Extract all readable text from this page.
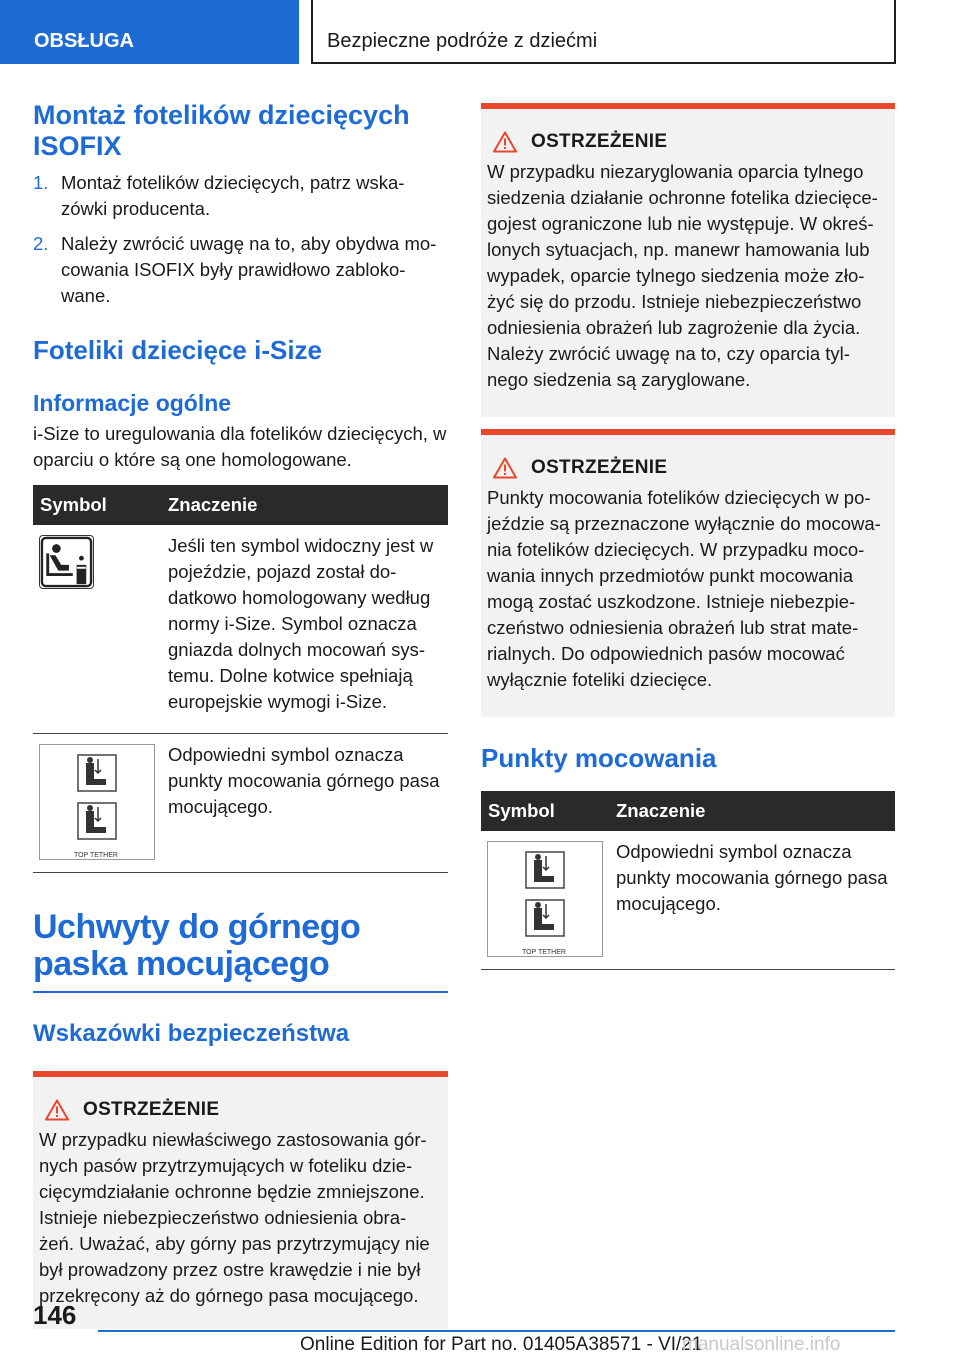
OBSŁUGA	Bezpieczne podróże z dziećmi
Montaż fotelików dziecięcych ISOFIX
1. Montaż fotelików dziecięcych, patrz wska-zówki producenta.
2. Należy zwrócić uwagę na to, aby obydwa mo-cowania ISOFIX były prawidłowo zabloko-wane.
Foteliki dziecięce i‑Size
Informacje ogólne

i-Size to uregulowania dla fotelików dziecięcych, w oparciu o które są one homologowane.

Symbol	Znaczenie

	Jeśli ten symbol widoczny jest w pojeździe, pojazd został do-datkowo homologowany według normy i‑Size. Symbol oznacza gniazda dolnych mocowań sys-temu. Dolne kotwice spełniają europejskie wymogi i‑Size.

TOP TETHER	Odpowiedni symbol oznacza punkty mocowania górnego pasa mocującego.
Uchwyty do górnego paska mocującego
Wskazówki bezpieczeństwa
OSTRZEŻENIE

W przypadku niewłaściwego zastosowania gór-nych pasów przytrzymujących w foteliku dzie-cięcymdziałanie ochronne będzie zmniejszone. Istnieje niebezpieczeństwo odniesienia obra-żeń. Uważać, aby górny pas przytrzymujący nie był prowadzony przez ostre krawędzie i nie był przekręcony aż do górnego pasa mocującego.

OSTRZEŻENIE

W przypadku niezaryglowania oparcia tylnego siedzenia działanie ochronne fotelika dziecięce-gojest ograniczone lub nie występuje. W okreś-lonych sytuacjach, np. manewr hamowania lub wypadek, oparcie tylnego siedzenia może zło-żyć się do przodu. Istnieje niebezpieczeństwo odniesienia obrażeń lub zagrożenie dla życia. Należy zwrócić uwagę na to, czy oparcia tyl-nego siedzenia są zaryglowane.

OSTRZEŻENIE

Punkty mocowania fotelików dziecięcych w po-jeździe są przeznaczone wyłącznie do mocowa-nia fotelików dziecięcych. W przypadku moco-wania innych przedmiotów punkt mocowania mogą zostać uszkodzone. Istnieje niebezpie-czeństwo odniesienia obrażeń lub strat mate-rialnych. Do odpowiednich pasów mocować wyłącznie foteliki dziecięce.

Punkty mocowania
Symbol	Znaczenie

TOP TETHER	Odpowiedni symbol oznacza punkty mocowania górnego pasa mocującego.
146
Online Edition for Part no. 01405A38571 - VI/21
manualsonline.info
